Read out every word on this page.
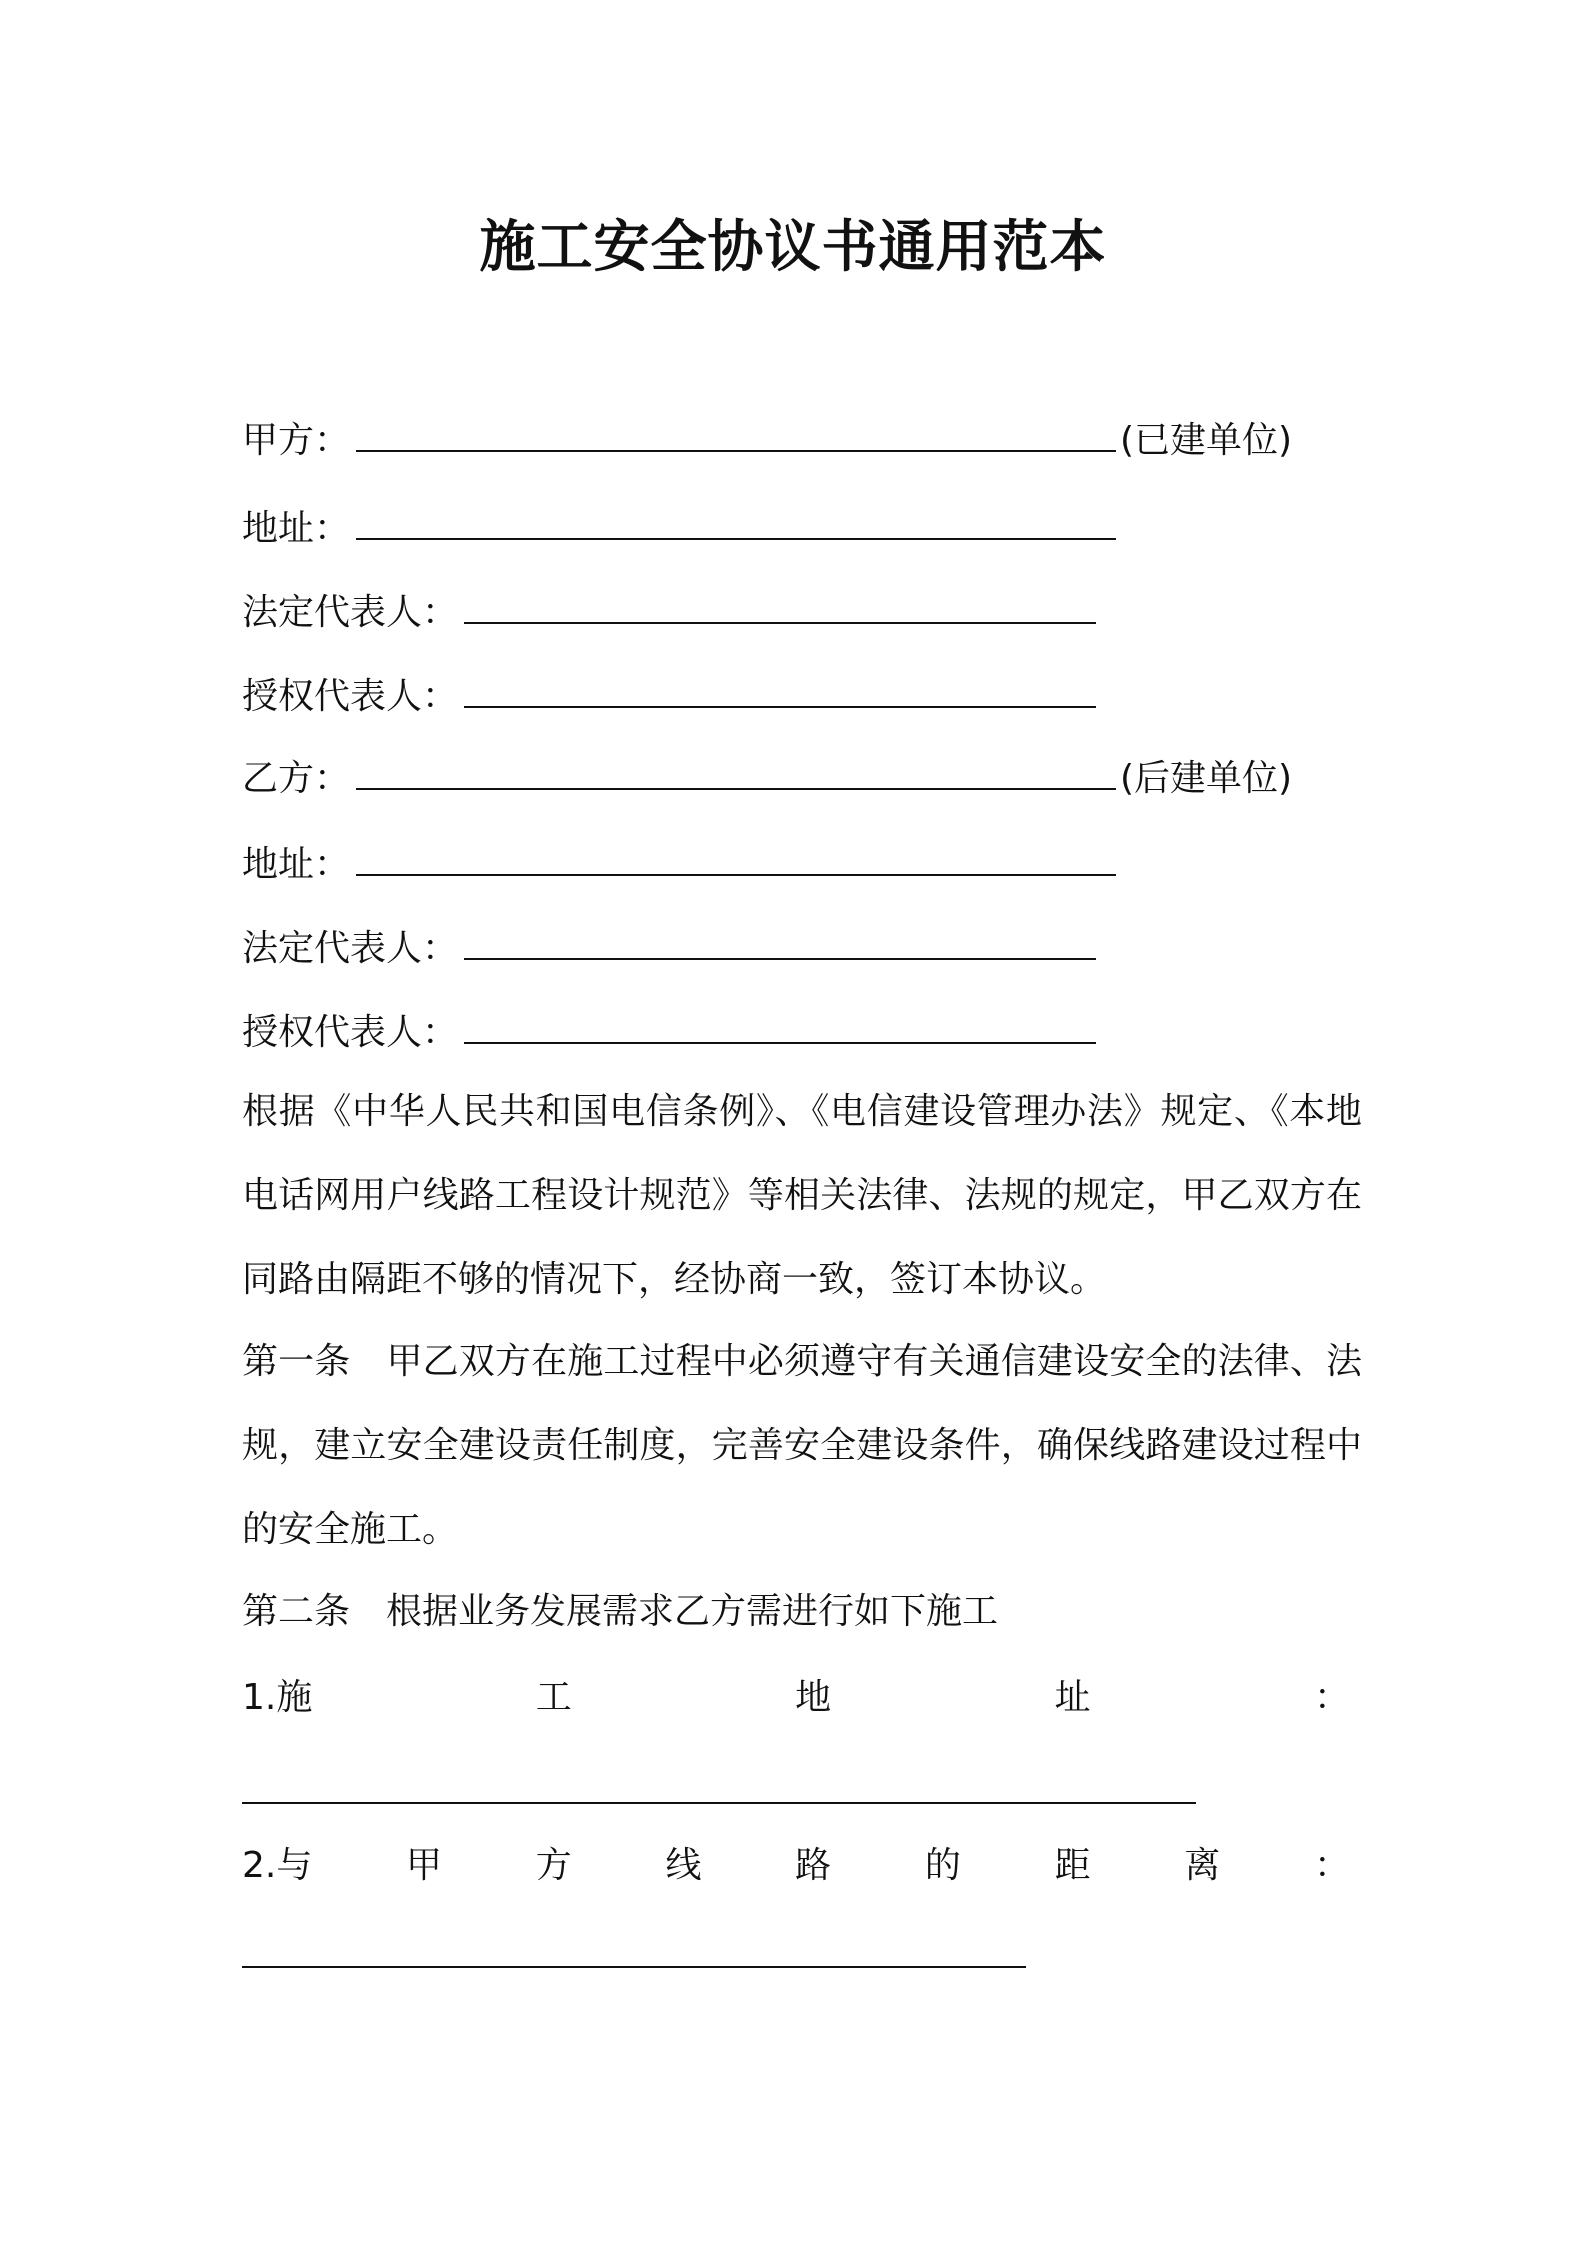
施工安全协议书通用范本
甲方：	(已建单位)
地址：
法定代表人：
授权代表人：
乙方：	(后建单位)
地址：
法定代表人：
授权代表人：

根据《中华人民共和国电信条例》、《电信建设管理办法》规定、《本地电话网用户线路工程设计规范》等相关法律、法规的规定，甲乙双方在同路由隔距不够的情况下，经协商一致，签订本协议。

第一条　甲乙双方在施工过程中必须遵守有关通信建设安全的法律、法规，建立安全建设责任制度，完善安全建设条件，确保线路建设过程中的安全施工。

第二条　根据业务发展需求乙方需进行如下施工

1.施	工	地	址	：
2.与	甲	方	线	路	的	距	离	：
